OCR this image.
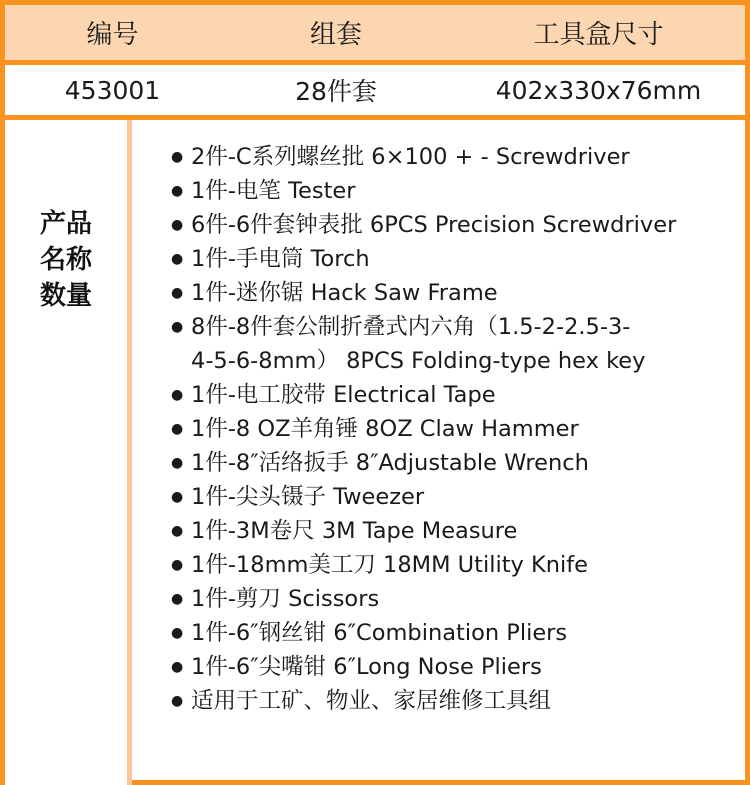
编号	组套	工具盒尺寸
453001	28件套	402x330x76mm
产品
名称
数量
● 2件-C系列螺丝批 6×100 + - Screwdriver
● 1件-电笔 Tester
● 6件-6件套钟表批 6PCS Precision Screwdriver
● 1件-手电筒 Torch
● 1件-迷你锯 Hack Saw Frame
● 8件-8件套公制折叠式内六角（1.5-2-2.5-3-
4-5-6-8mm） 8PCS Folding-type hex key
● 1件-电工胶带 Electrical Tape
● 1件-8 OZ羊角锤 8OZ Claw Hammer
● 1件-8″活络扳手 8″Adjustable Wrench
● 1件-尖头镊子 Tweezer
● 1件-3M卷尺 3M Tape Measure
● 1件-18mm美工刀 18MM Utility Knife
● 1件-剪刀 Scissors
● 1件-6″钢丝钳 6″Combination Pliers
● 1件-6″尖嘴钳 6″Long Nose Pliers
● 适用于工矿、物业、家居维修工具组
